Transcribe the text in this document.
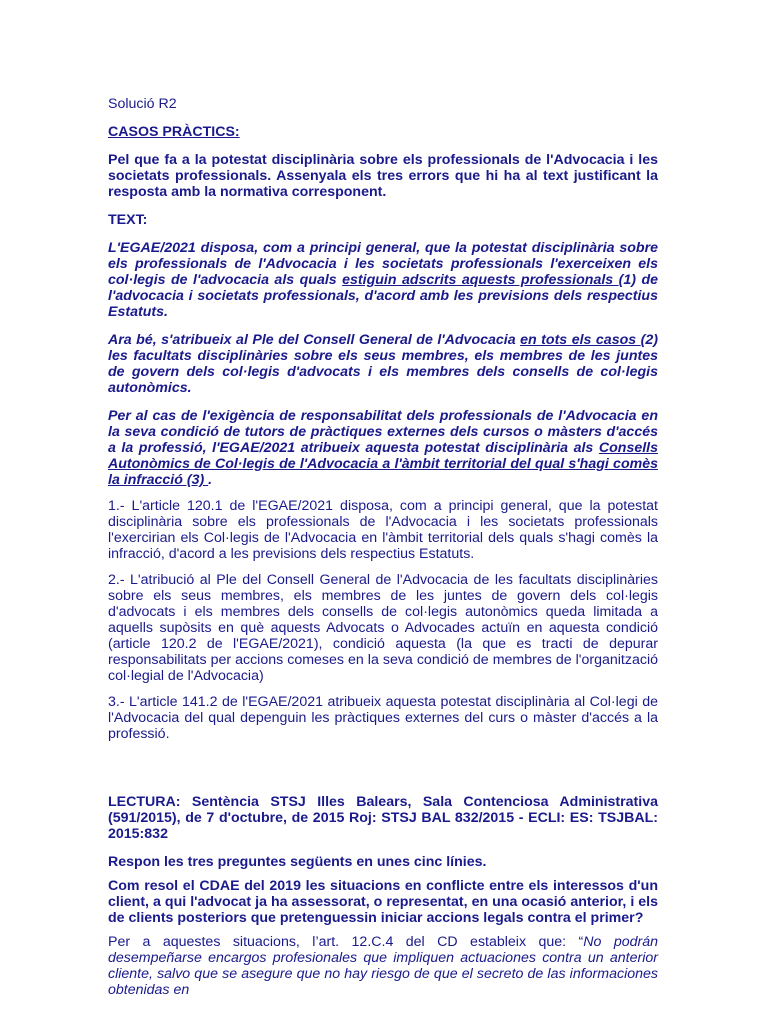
Solució R2

CASOS PRÀCTICS:

Pel que fa a la potestat disciplinària sobre els professionals de l'Advocacia i les societats professionals. Assenyala els tres errors que hi ha al text justificant la resposta amb la normativa corresponent.

TEXT:

L'EGAE/2021 disposa, com a principi general, que la potestat disciplinària sobre els professionals de l'Advocacia i les societats professionals l'exerceixen els col·legis de l'advocacia als quals estiguin adscrits aquests professionals (1) de l'advocacia i societats professionals, d'acord amb les previsions dels respectius Estatuts.

Ara bé, s'atribueix al Ple del Consell General de l'Advocacia en tots els casos (2) les facultats disciplinàries sobre els seus membres, els membres de les juntes de govern dels col·legis d'advocats i els membres dels consells de col·legis autonòmics.

Per al cas de l'exigència de responsabilitat dels professionals de l'Advocacia en la seva condició de tutors de pràctiques externes dels cursos o màsters d'accés a la professió, l'EGAE/2021 atribueix aquesta potestat disciplinària als Consells Autonòmics de Col·legis de l'Advocacia a l'àmbit territorial del qual s'hagi comès la infracció (3) .

1.- L'article 120.1 de l'EGAE/2021 disposa, com a principi general, que la potestat disciplinària sobre els professionals de l'Advocacia i les societats professionals l'exercirian els Col·legis de l'Advocacia en l'àmbit territorial dels quals s'hagi comès la infracció, d'acord a les previsions dels respectius Estatuts.

2.- L'atribució al Ple del Consell General de l'Advocacia de les facultats disciplinàries sobre els seus membres, els membres de les juntes de govern dels col·legis d'advocats i els membres dels consells de col·legis autonòmics queda limitada a aquells supòsits en què aquests Advocats o Advocades actuïn en aquesta condició (article 120.2 de l'EGAE/2021), condició aquesta (la que es tracti de depurar responsabilitats per accions comeses en la seva condició de membres de l'organització col·legial de l'Advocacia)

3.- L'article 141.2 de l'EGAE/2021 atribueix aquesta potestat disciplinària al Col·legi de l'Advocacia del qual depenguin les pràctiques externes del curs o màster d'accés a la professió.

LECTURA: Sentència STSJ Illes Balears, Sala Contenciosa Administrativa (591/2015), de 7 d'octubre, de 2015 Roj: STSJ BAL 832/2015 - ECLI: ES: TSJBAL: 2015:832

Respon les tres preguntes següents en unes cinc línies.

Com resol el CDAE del 2019 les situacions en conflicte entre els interessos d'un client, a qui l'advocat ja ha assessorat, o representat, en una ocasió anterior, i els de clients posteriors que pretenguessin iniciar accions legals contra el primer?

Per a aquestes situacions, l’art. 12.C.4 del CD estableix que: “No podrán desempeñarse encargos profesionales que impliquen actuaciones contra un anterior cliente, salvo que se asegure que no hay riesgo de que el secreto de las informaciones obtenidas en
